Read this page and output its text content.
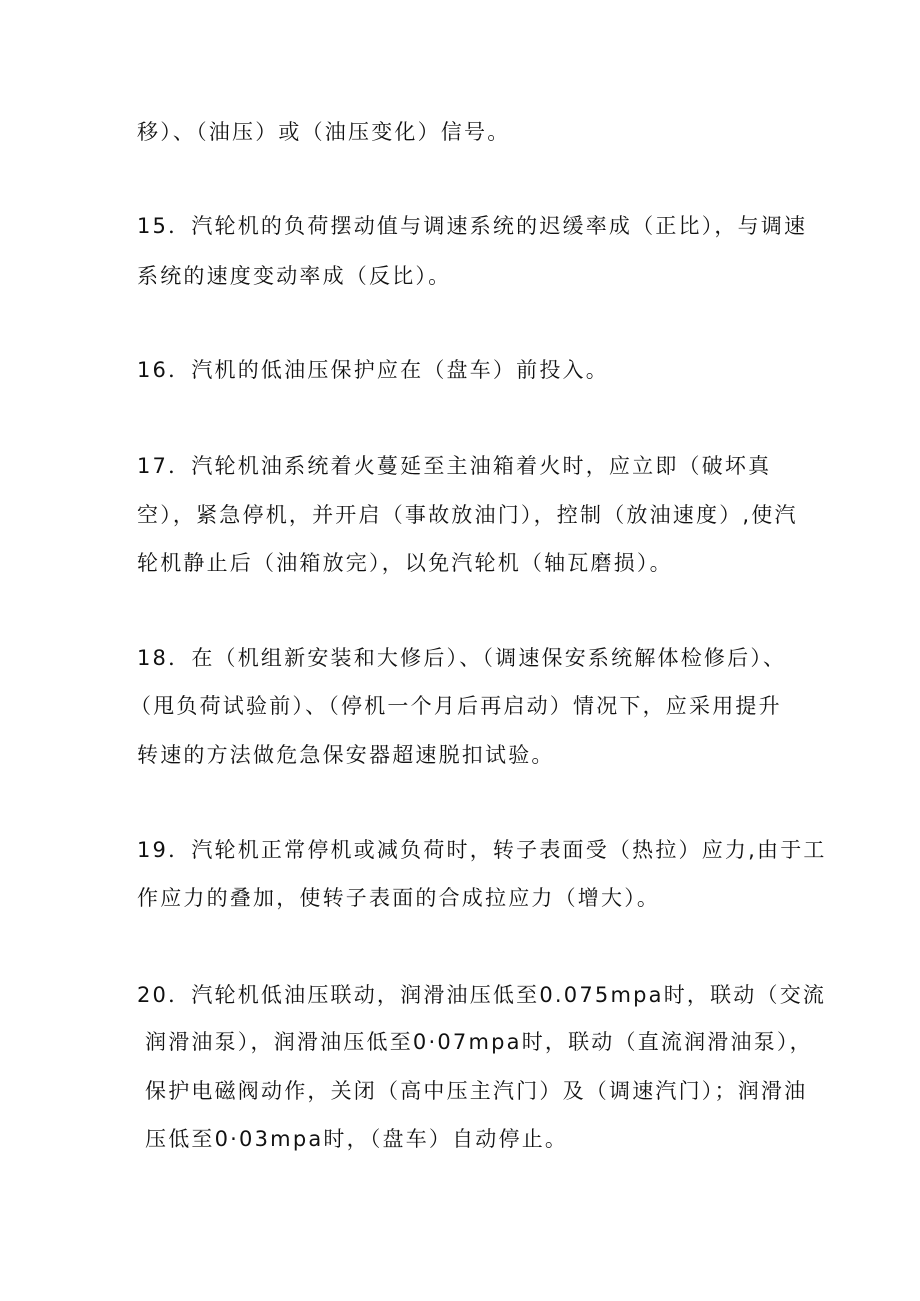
移）、（油压）或（油压变化）信号。
15．汽轮机的负荷摆动值与调速系统的迟缓率成（正比），与调速
系统的速度变动率成（反比）。
16．汽机的低油压保护应在（盘车）前投入。
17．汽轮机油系统着火蔓延至主油箱着火时，应立即（破坏真
空），紧急停机，并开启（事故放油门），控制（放油速度）,使汽
轮机静止后（油箱放完），以免汽轮机（轴瓦磨损）。
18．在（机组新安装和大修后）、（调速保安系统解体检修后）、
（甩负荷试验前）、（停机一个月后再启动）情况下，应采用提升
转速的方法做危急保安器超速脱扣试验。
19．汽轮机正常停机或减负荷时，转子表面受（热拉）应力,由于工
作应力的叠加，使转子表面的合成拉应力（增大）。
20．汽轮机低油压联动，润滑油压低至0.075mpa时，联动（交流
润滑油泵），润滑油压低至0·07mpa时，联动（直流润滑油泵），
保护电磁阀动作，关闭（高中压主汽门）及（调速汽门）；润滑油
压低至0·03mpa时，（盘车）自动停止。
